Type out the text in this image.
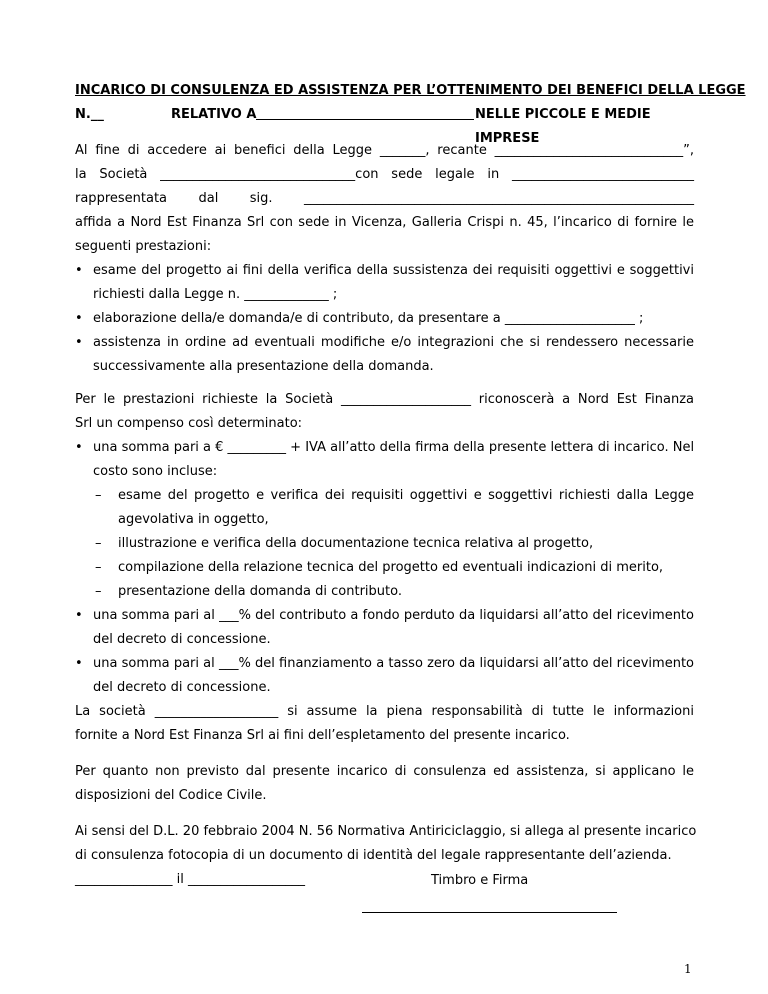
INCARICO DI CONSULENZA ED ASSISTENZA PER L’OTTENIMENTO DEI BENEFICI DELLA LEGGE
N.__	RELATIVO A	NELLE PICCOLE E MEDIE IMPRESE
Al fine di accedere ai benefici della Legge _______, recante _____________________________”,
la Società ______________________________con sede legale in ____________________________
rappresentata dal sig. ____________________________________________________________
affida a Nord Est Finanza Srl con sede in Vicenza, Galleria Crispi n. 45, l’incarico di fornire le
seguenti prestazioni:
• esame del progetto ai fini della verifica della sussistenza dei requisiti oggettivi e soggettivi
richiesti dalla Legge n. _____________ ;
• elaborazione della/e domanda/e di contributo, da presentare a ____________________ ;
• assistenza in ordine ad eventuali modifiche e/o integrazioni che si rendessero necessarie
successivamente alla presentazione della domanda.
Per le prestazioni richieste la Società ____________________ riconoscerà a Nord Est Finanza
Srl un compenso così determinato:
• una somma pari a € _________ + IVA all’atto della firma della presente lettera di incarico. Nel
costo sono incluse:
– esame del progetto e verifica dei requisiti oggettivi e soggettivi richiesti dalla Legge
agevolativa in oggetto,
– illustrazione e verifica della documentazione tecnica relativa al progetto,
– compilazione della relazione tecnica del progetto ed eventuali indicazioni di merito,
– presentazione della domanda di contributo.
• una somma pari al ___% del contributo a fondo perduto da liquidarsi all’atto del ricevimento
del decreto di concessione.
• una somma pari al ___% del finanziamento a tasso zero da liquidarsi all’atto del ricevimento
del decreto di concessione.
La società ___________________ si assume la piena responsabilità di tutte le informazioni
fornite a Nord Est Finanza Srl ai fini dell’espletamento del presente incarico.
Per quanto non previsto dal presente incarico di consulenza ed assistenza, si applicano le
disposizioni del Codice Civile.
Ai sensi del D.L. 20 febbraio 2004 N. 56 Normativa Antiriciclaggio, si allega al presente incarico
di consulenza fotocopia di un documento di identità del legale rappresentante dell’azienda.
_______________ il __________________	Timbro e Firma
1
